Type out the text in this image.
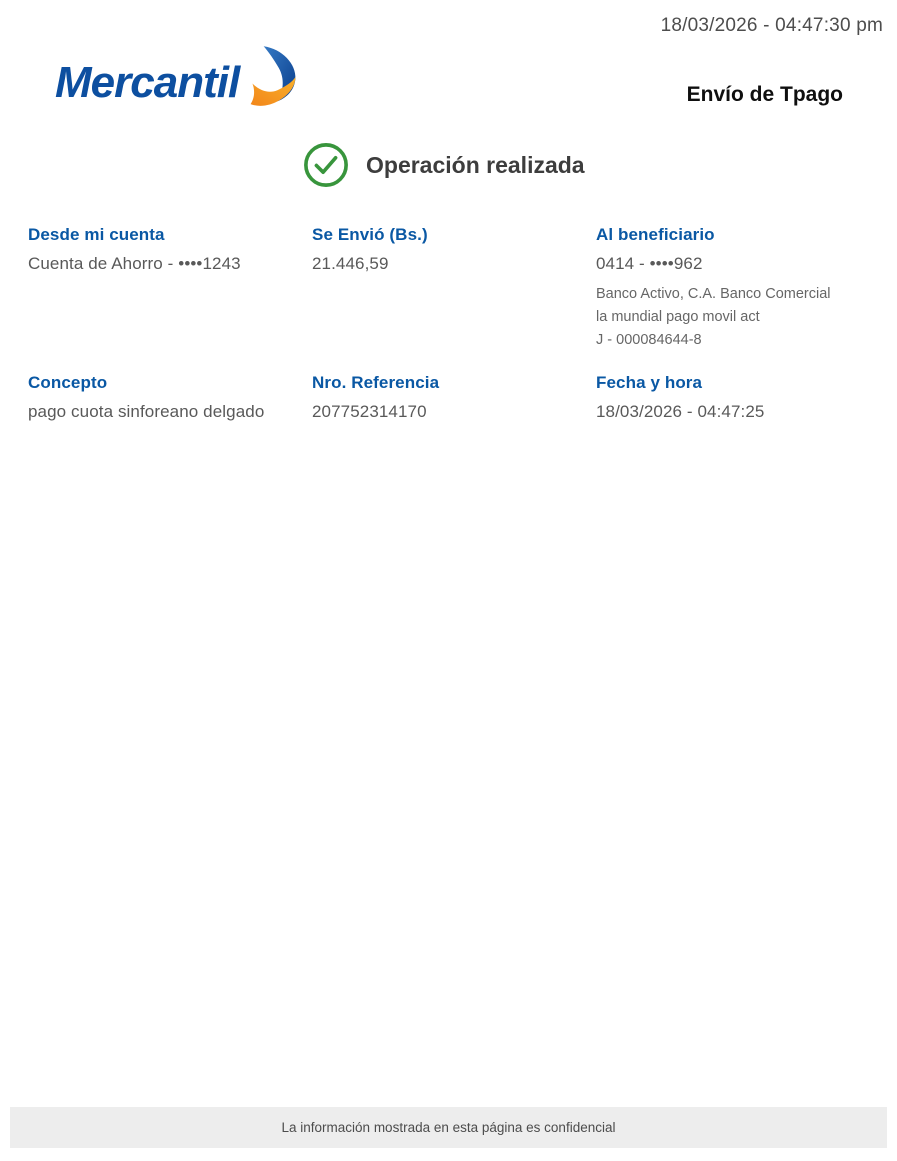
18/03/2026 - 04:47:30 pm
Mercantil	Envío de Tpago
Operación realizada
Desde mi cuenta
Cuenta de Ahorro - ••••1243
Se Envió (Bs.)
21.446,59
Al beneficiario
0414 - ••••962
Banco Activo, C.A. Banco Comercial
la mundial pago movil act
J - 000084644-8
Concepto
pago cuota sinforeano delgado
Nro. Referencia
207752314170
Fecha y hora
18/03/2026 - 04:47:25
La información mostrada en esta página es confidencial
